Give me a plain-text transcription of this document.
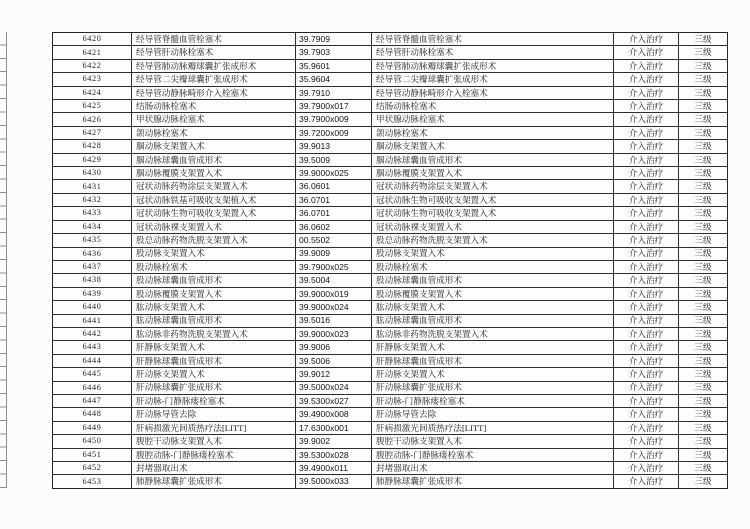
6420	经导管脊髓血管栓塞术	39.7909	经导管脊髓血管栓塞术	介入治疗	三级
6421	经导管肝动脉栓塞术	39.7903	经导管肝动脉栓塞术	介入治疗	三级
6422	经导管肺动脉瓣球囊扩张成形术	35.9601	经导管肺动脉瓣球囊扩张成形术	介入治疗	三级
6423	经导管二尖瓣球囊扩张成形术	35.9604	经导管二尖瓣球囊扩张成形术	介入治疗	三级
6424	经导管动静脉畸形介入栓塞术	39.7910	经导管动静脉畸形介入栓塞术	介入治疗	三级
6425	结肠动脉栓塞术	39.7900x017	结肠动脉栓塞术	介入治疗	三级
6426	甲状腺动脉栓塞术	39.7900x009	甲状腺动脉栓塞术	介入治疗	三级
6427	颌动脉栓塞术	39.7200x009	颌动脉栓塞术	介入治疗	三级
6428	腘动脉支架置入术	39.9013	腘动脉支架置入术	介入治疗	三级
6429	腘动脉球囊血管成形术	39.5009	腘动脉球囊血管成形术	介入治疗	三级
6430	腘动脉覆膜支架置入术	39.9000x025	腘动脉覆膜支架置入术	介入治疗	三级
6431	冠状动脉药物涂层支架置入术	36.0601	冠状动脉药物涂层支架置入术	介入治疗	三级
6432	冠状动脉铁基可吸收支架植入术	36.0701	冠状动脉生物可吸收支架置入术	介入治疗	三级
6433	冠状动脉生物可吸收支架置入术	36.0701	冠状动脉生物可吸收支架置入术	介入治疗	三级
6434	冠状动脉裸支架置入术	36.0602	冠状动脉裸支架置入术	介入治疗	三级
6435	股总动脉药物洗脱支架置入术	00.5502	股总动脉药物洗脱支架置入术	介入治疗	三级
6436	股动脉支架置入术	39.9009	股动脉支架置入术	介入治疗	三级
6437	股动脉栓塞术	39.7900x025	股动脉栓塞术	介入治疗	三级
6438	股动脉球囊血管成形术	39.5004	股动脉球囊血管成形术	介入治疗	三级
6439	股动脉覆膜支架置入术	39.9000x019	股动脉覆膜支架置入术	介入治疗	三级
6440	肱动脉支架置入术	39.9000x024	肱动脉支架置入术	介入治疗	三级
6441	肱动脉球囊血管成形术	39.5016	肱动脉球囊血管成形术	介入治疗	三级
6442	肱动脉非药物洗脱支架置入术	39.9000x023	肱动脉非药物洗脱支架置入术	介入治疗	三级
6443	肝静脉支架置入术	39.9006	肝静脉支架置入术	介入治疗	三级
6444	肝静脉球囊血管成形术	39.5006	肝静脉球囊血管成形术	介入治疗	三级
6445	肝动脉支架置入术	39.9012	肝动脉支架置入术	介入治疗	三级
6446	肝动脉球囊扩张成形术	39.5000x024	肝动脉球囊扩张成形术	介入治疗	三级
6447	肝动脉-门静脉瘘栓塞术	39.5300x027	肝动脉-门静脉瘘栓塞术	介入治疗	三级
6448	肝动脉导管去除	39.4900x008	肝动脉导管去除	介入治疗	三级
6449	肝病损激光间质热疗法[LITT]	17.6300x001	肝病损激光间质热疗法[LITT]	介入治疗	三级
6450	腹腔干动脉支架置入术	39.9002	腹腔干动脉支架置入术	介入治疗	三级
6451	腹腔动脉-门静脉瘘栓塞术	39.5300x028	腹腔动脉-门静脉瘘栓塞术	介入治疗	三级
6452	封堵器取出术	39.4900x011	封堵器取出术	介入治疗	三级
6453	肺静脉球囊扩张成形术	39.5000x033	肺静脉球囊扩张成形术	介入治疗	三级
